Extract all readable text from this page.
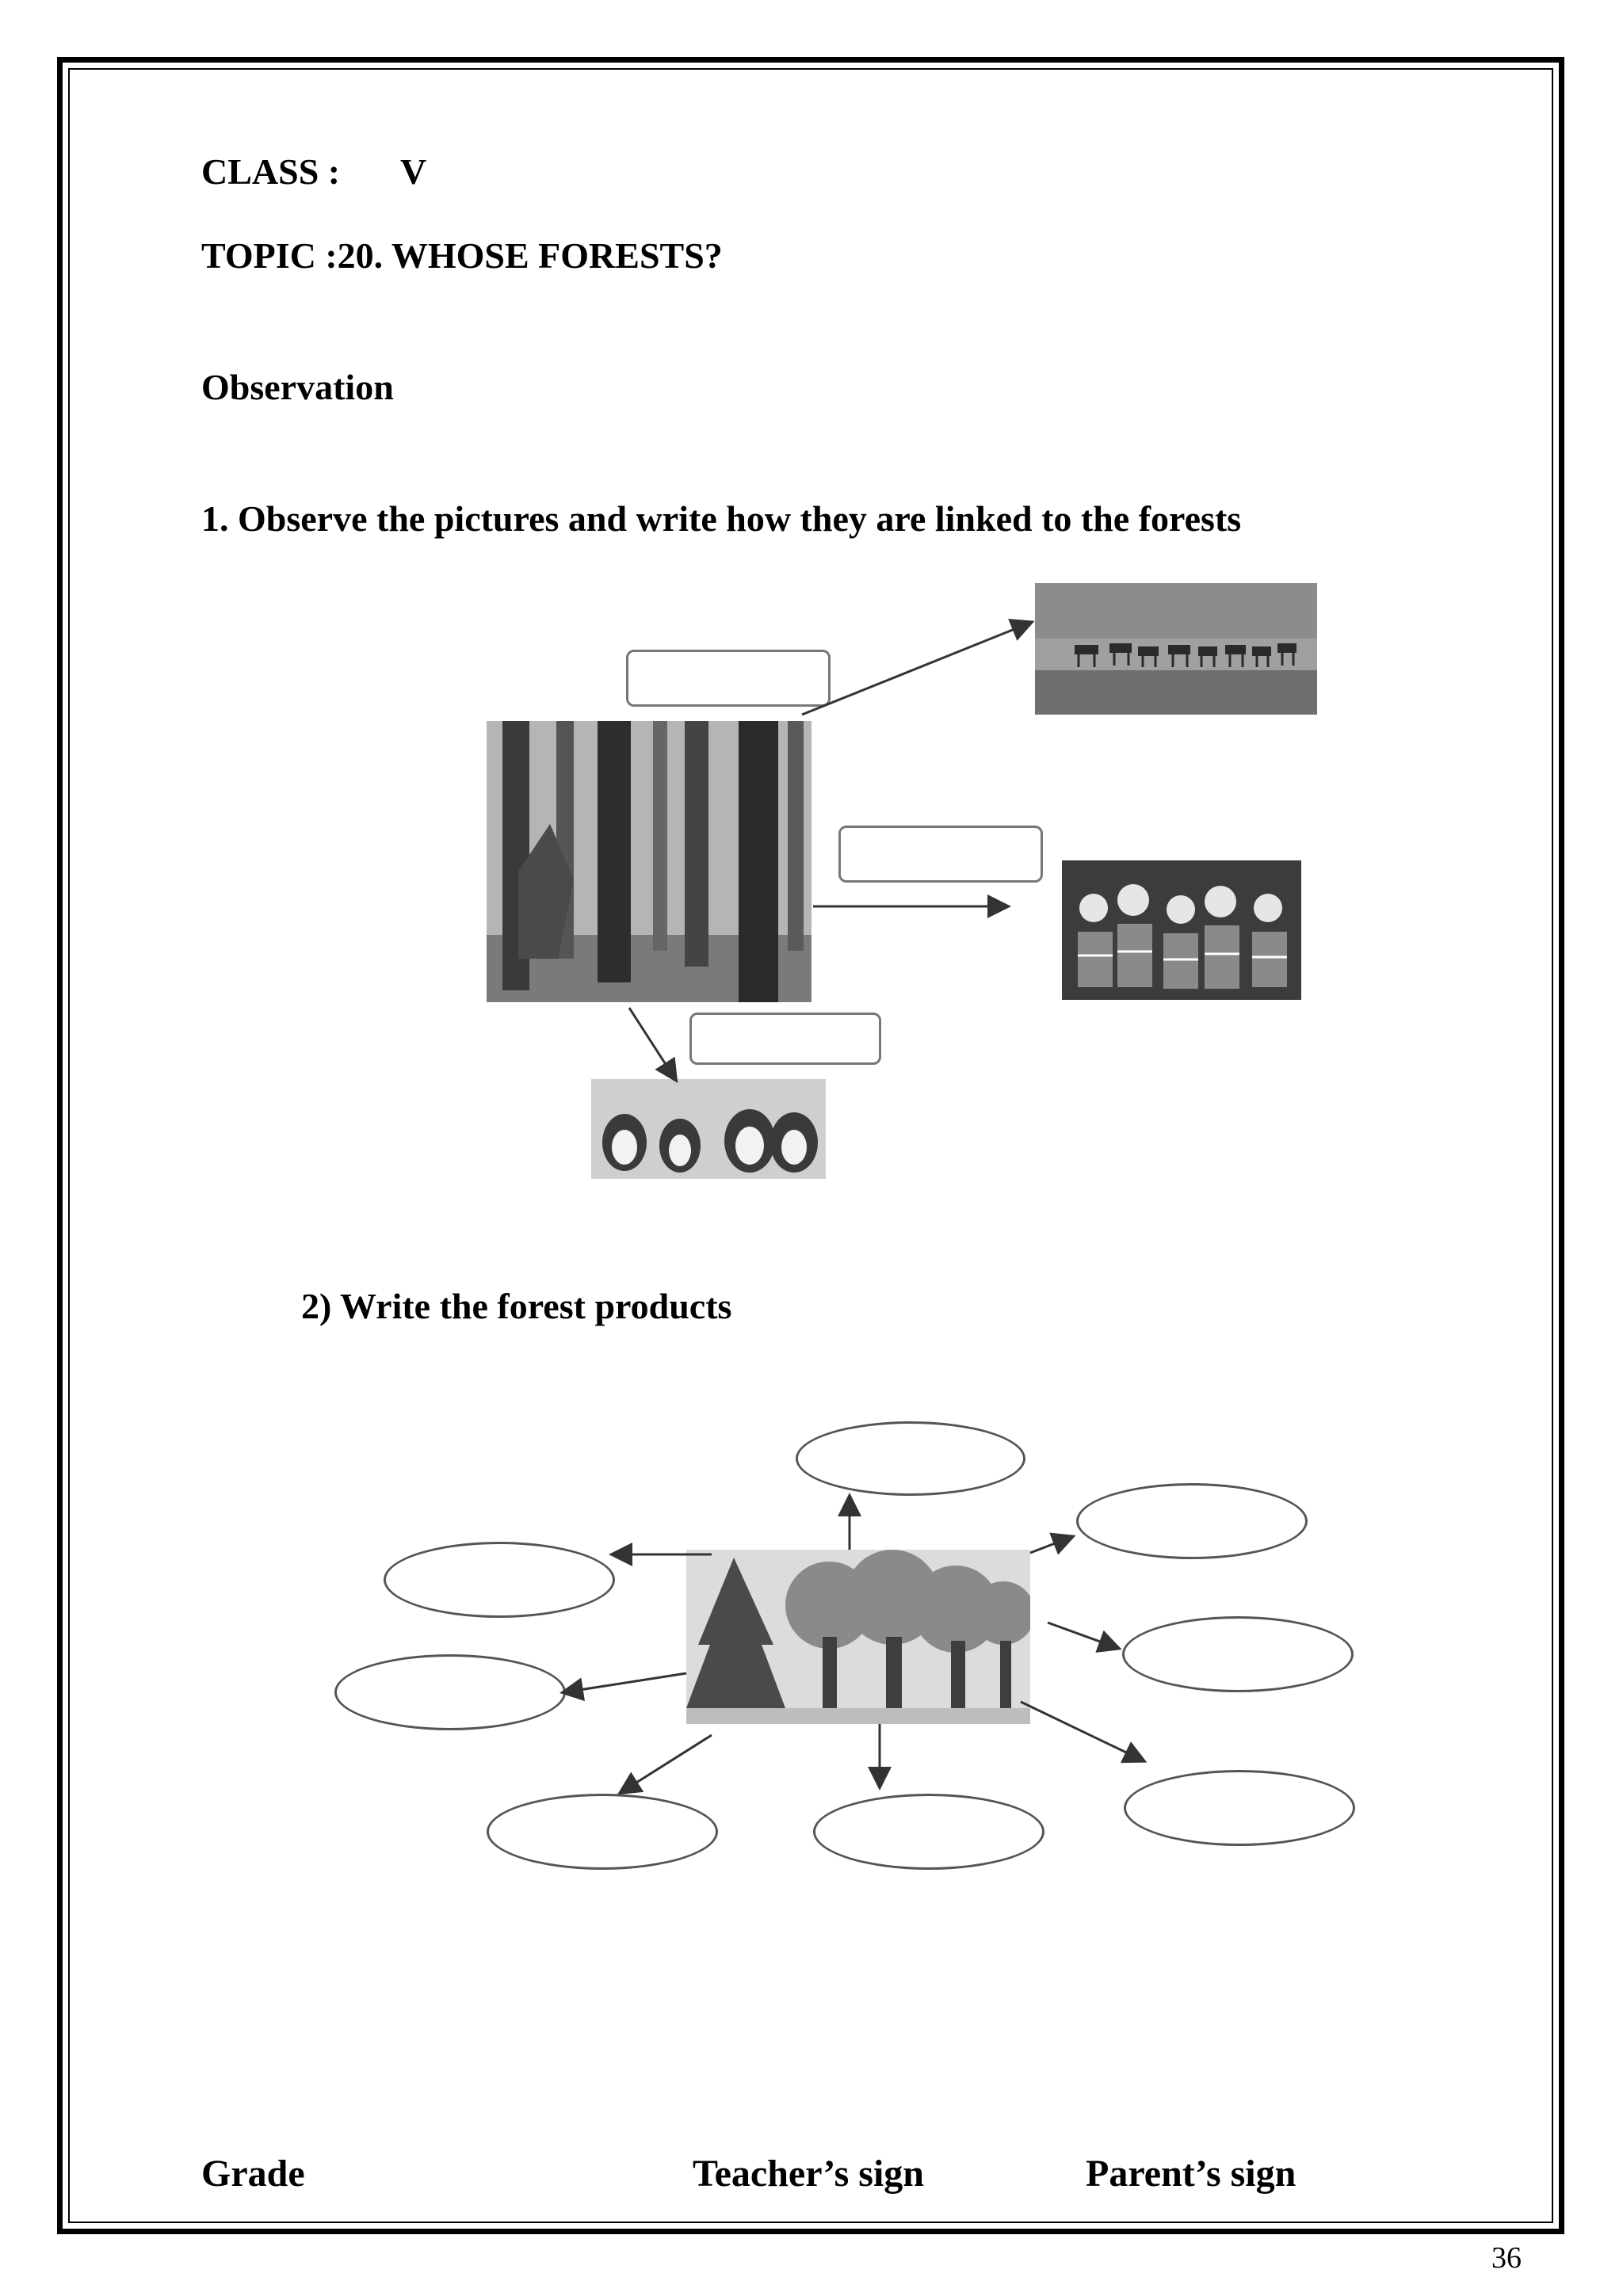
CLASS : V
TOPIC :20. WHOSE FORESTS?
Observation
1. Observe the pictures and write how they are linked to the forests
2) Write the forest products
Grade	Teacher’s sign	Parent’s sign
36
